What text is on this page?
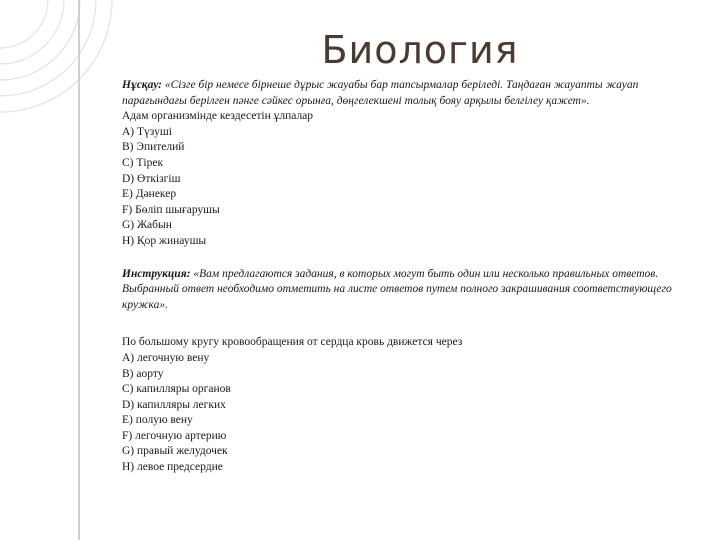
Биология
Нұсқау: «Сізге бір немесе бірнеше дұрыс жауабы бар тапсырмалар беріледі. Таңдаған жауапты жауап парағындағы берілген пәнге сәйкес орынға, дөңгелекшені толық бояу арқылы белгілеу қажет».
Адам организмінде кездесетін ұлпалар
A) Түзуші
B) Эпителий
C) Тірек
D) Өткізгіш
E) Дәнекер
F) Бөліп шығарушы
G) Жабын
H) Қор жинаушы
Инструкция: «Вам предлагаются задания, в которых могут быть один или несколько правильных ответов. Выбранный ответ необходимо отметить на листе ответов путем полного закрашивания соответствующего кружка».
По большому кругу кровообращения от сердца кровь движется через
A) легочную вену
B) аорту
C) капилляры органов
D) капилляры легких
E) полую вену
F) легочную артерию
G) правый желудочек
H) левое предсердие
